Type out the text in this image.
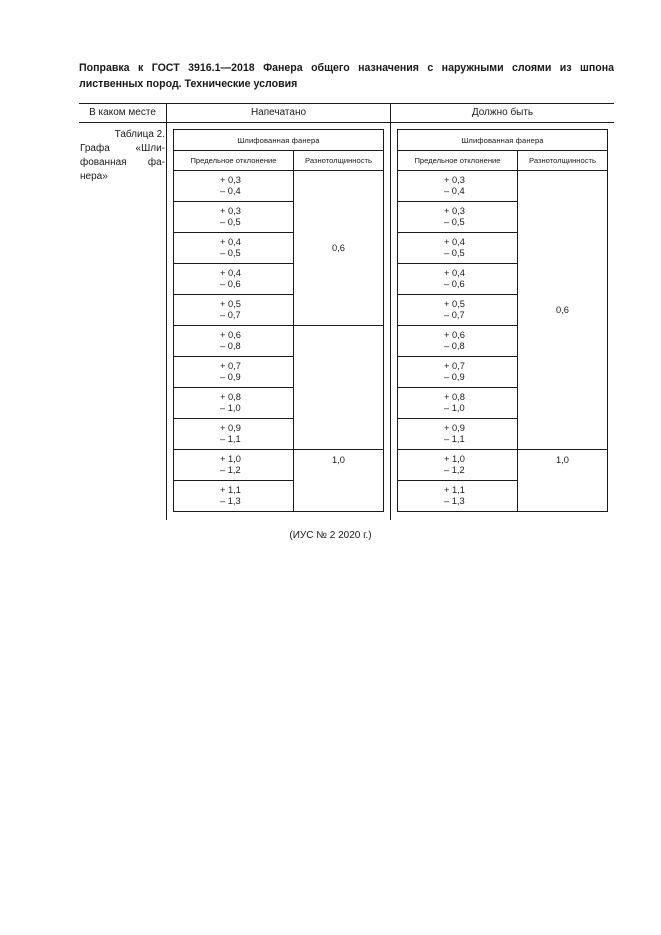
Поправка к ГОСТ 3916.1—2018 Фанера общего назначения с наружными слоями из шпона лиственных пород. Технические условия
В каком месте	Напечатано	Должно быть
Таблица 2.
Графа «Шли-
фованная фа-
нера»
Шлифованная фанера	
Предельное отклонение	Разнотолщинность

+ 0,3
– 0,4	0,6

+ 0,3
– 0,5	

+ 0,4
– 0,5	

+ 0,4
– 0,6	

+ 0,5
– 0,7	

+ 0,6
– 0,8	

+ 0,7
– 0,9	

+ 0,8
– 1,0	

+ 0,9
– 1,1	

+ 1,0
– 1,2	1,0

+ 1,1
– 1,3	
Шлифованная фанера	
Предельное отклонение	Разнотолщинность

+ 0,3
– 0,4	0,6

+ 0,3
– 0,5	

+ 0,4
– 0,5	

+ 0,4
– 0,6	

+ 0,5
– 0,7	

+ 0,6
– 0,8	

+ 0,7
– 0,9	

+ 0,8
– 1,0	

+ 0,9
– 1,1	

+ 1,0
– 1,2	1,0

+ 1,1
– 1,3	
(ИУС № 2 2020 г.)
